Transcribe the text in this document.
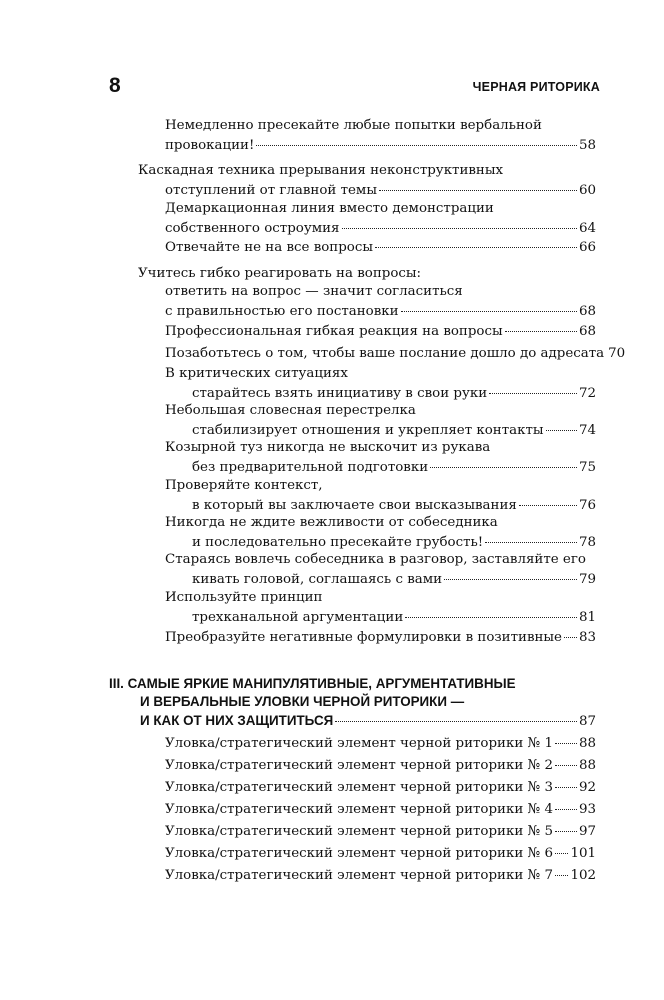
8	ЧЕРНАЯ РИТОРИКА
Немедленно пресекайте любые попытки вербальной
провокации!	58
Каскадная техника прерывания неконструктивных
отступлений от главной темы	60
Демаркационная линия вместо демонстрации
собственного остроумия	64
Отвечайте не на все вопросы	66
Учитесь гибко реагировать на вопросы:
ответить на вопрос — значит согласиться
с правильностью его постановки	68
Профессиональная гибкая реакция на вопросы	68
Позаботьтесь о том, чтобы ваше послание дошло до адресата 70
В критических ситуациях
старайтесь взять инициативу в свои руки	72
Небольшая словесная перестрелка
стабилизирует отношения и укрепляет контакты	74
Козырной туз никогда не выскочит из рукава
без предварительной подготовки	75
Проверяйте контекст,
в который вы заключаете свои высказывания	76
Никогда не ждите вежливости от собеседника
и последовательно пресекайте грубость!	78
Стараясь вовлечь собеседника в разговор, заставляйте его
кивать головой, соглашаясь с вами	79
Используйте принцип
трехканальной аргументации	81
Преобразуйте негативные формулировки в позитивные 83
III. САМЫЕ ЯРКИЕ МАНИПУЛЯТИВНЫЕ, АРГУМЕНТАТИВНЫЕ
И ВЕРБАЛЬНЫЕ УЛОВКИ ЧЕРНОЙ РИТОРИКИ —
И КАК ОТ НИХ ЗАЩИТИТЬСЯ	87
Уловка/стратегический элемент черной риторики № 1 88
Уловка/стратегический элемент черной риторики № 2 88
Уловка/стратегический элемент черной риторики № 3 92
Уловка/стратегический элемент черной риторики № 4 93
Уловка/стратегический элемент черной риторики № 5 97
Уловка/стратегический элемент черной риторики № 6 101
Уловка/стратегический элемент черной риторики № 7 102
